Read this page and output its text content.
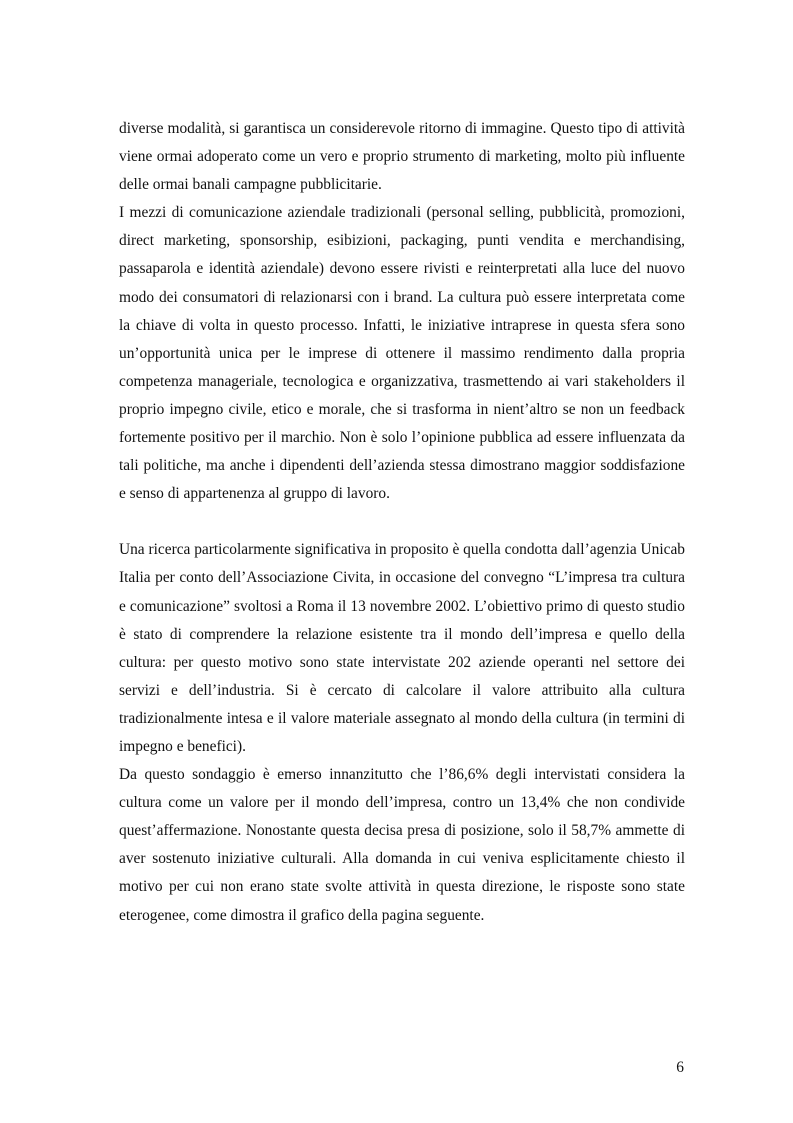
diverse modalità, si garantisca un considerevole ritorno di immagine. Questo tipo di attività viene ormai adoperato come un vero e proprio strumento di marketing, molto più influente delle ormai banali campagne pubblicitarie.

I mezzi di comunicazione aziendale tradizionali (personal selling, pubblicità, promozioni, direct marketing, sponsorship, esibizioni, packaging, punti vendita e merchandising, passaparola e identità aziendale) devono essere rivisti e reinterpretati alla luce del nuovo modo dei consumatori di relazionarsi con i brand. La cultura può essere interpretata come la chiave di volta in questo processo. Infatti, le iniziative intraprese in questa sfera sono un’opportunità unica per le imprese di ottenere il massimo rendimento dalla propria competenza manageriale, tecnologica e organizzativa, trasmettendo ai vari stakeholders il proprio impegno civile, etico e morale, che si trasforma in nient’altro se non un feedback fortemente positivo per il marchio. Non è solo l’opinione pubblica ad essere influenzata da tali politiche, ma anche i dipendenti dell’azienda stessa dimostrano maggior soddisfazione e senso di appartenenza al gruppo di lavoro.

Una ricerca particolarmente significativa in proposito è quella condotta dall’agenzia Unicab Italia per conto dell’Associazione Civita, in occasione del convegno “L’impresa tra cultura e comunicazione” svoltosi a Roma il 13 novembre 2002. L’obiettivo primo di questo studio è stato di comprendere la relazione esistente tra il mondo dell’impresa e quello della cultura: per questo motivo sono state intervistate 202 aziende operanti nel settore dei servizi e dell’industria. Si è cercato di calcolare il valore attribuito alla cultura tradizionalmente intesa e il valore materiale assegnato al mondo della cultura (in termini di impegno e benefici).

Da questo sondaggio è emerso innanzitutto che l’86,6% degli intervistati considera la cultura come un valore per il mondo dell’impresa, contro un 13,4% che non condivide quest’affermazione. Nonostante questa decisa presa di posizione, solo il 58,7% ammette di aver sostenuto iniziative culturali. Alla domanda in cui veniva esplicitamente chiesto il motivo per cui non erano state svolte attività in questa direzione, le risposte sono state eterogenee, come dimostra il grafico della pagina seguente.

6
